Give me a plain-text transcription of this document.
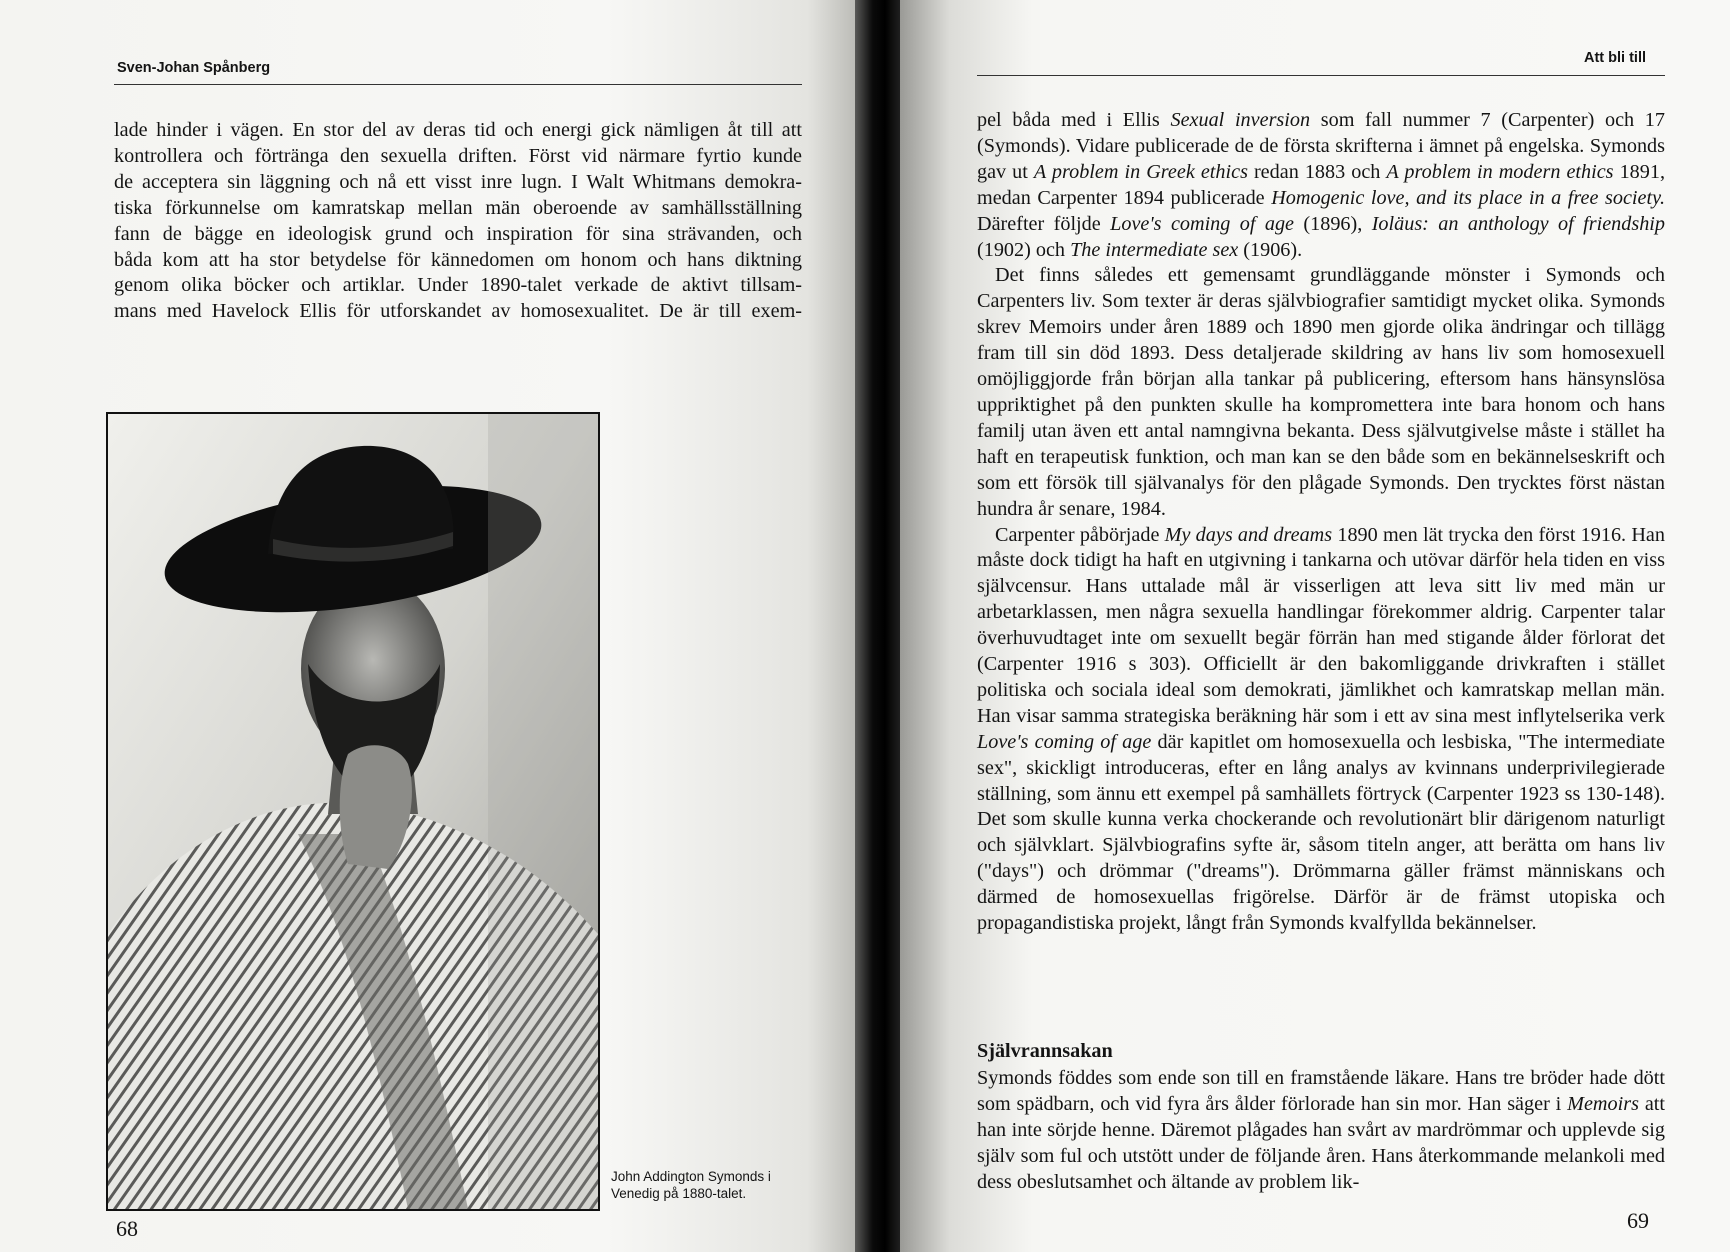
Sven-Johan Spånberg
lade hinder i vägen. En stor del av deras tid och energi gick nämligen åt till att
kontrollera och förtränga den sexuella driften. Först vid närmare fyrtio kunde
de acceptera sin läggning och nå ett visst inre lugn. I Walt Whitmans demokra-
tiska förkunnelse om kamratskap mellan män oberoende av samhällsställning
fann de bägge en ideologisk grund och inspiration för sina strävanden, och
båda kom att ha stor betydelse för kännedomen om honom och hans diktning
genom olika böcker och artiklar. Under 1890-talet verkade de aktivt tillsam-
mans med Havelock Ellis för utforskandet av homosexualitet. De är till exem-
John Addington Symonds i
Venedig på 1880-talet.
68
Att bli till

pel båda med i Ellis Sexual inversion som fall nummer 7 (Carpenter) och 17 (Symonds). Vidare publicerade de de första skrifterna i ämnet på engelska. Symonds gav ut A problem in Greek ethics redan 1883 och A problem in modern ethics 1891, medan Carpenter 1894 publicerade Homogenic love, and its place in a free society. Därefter följde Love's coming of age (1896), Ioläus: an anthology of friendship (1902) och The intermediate sex (1906).

Det finns således ett gemensamt grundläggande mönster i Symonds och Carpenters liv. Som texter är deras självbiografier samtidigt mycket olika. Symonds skrev Memoirs under åren 1889 och 1890 men gjorde olika ändringar och tillägg fram till sin död 1893. Dess detaljerade skildring av hans liv som homosexuell omöjliggjorde från början alla tankar på publicering, eftersom hans hänsynslösa uppriktighet på den punkten skulle ha komprometterа inte bara honom och hans familj utan även ett antal namngivna bekanta. Dess självutgivelse måste i stället ha haft en terapeutisk funktion, och man kan se den både som en bekännelseskrift och som ett försök till självanalys för den plågade Symonds. Den trycktes först nästan hundra år senare, 1984.

Carpenter påbörjade My days and dreams 1890 men lät trycka den först 1916. Han måste dock tidigt ha haft en utgivning i tankarna och utövar därför hela tiden en viss självcensur. Hans uttalade mål är visserligen att leva sitt liv med män ur arbetarklassen, men några sexuella handlingar förekommer aldrig. Carpenter talar överhuvudtaget inte om sexuellt begär förrän han med stigande ålder förlorat det (Carpenter 1916 s 303). Officiellt är den bakomliggande drivkraften i stället politiska och sociala ideal som demokrati, jämlikhet och kamratskap mellan män. Han visar samma strategiska beräkning här som i ett av sina mest inflytelserika verk Love's coming of age där kapitlet om homosexuella och lesbiska, "The intermediate sex", skickligt introduceras, efter en lång analys av kvinnans underprivilegierade ställning, som ännu ett exempel på samhällets förtryck (Carpenter 1923 ss 130-148). Det som skulle kunna verka chockerande och revolutionärt blir därigenom naturligt och självklart. Självbiografins syfte är, såsom titeln anger, att berätta om hans liv ("days") och drömmar ("dreams"). Drömmarna gäller främst människans och därmed de homosexuellas frigörelse. Därför är de främst utopiska och propagandistiska projekt, långt från Symonds kvalfyllda bekännelser.

Självrannsakan

Symonds föddes som ende son till en framstående läkare. Hans tre bröder hade dött som spädbarn, och vid fyra års ålder förlorade han sin mor. Han säger i Memoirs att han inte sörjde henne. Däremot plågades han svårt av mardrömmar och upplevde sig själv som ful och utstött under de följande åren. Hans återkommande melankoli med dess obeslutsamhet och ältande av problem lik-

69
